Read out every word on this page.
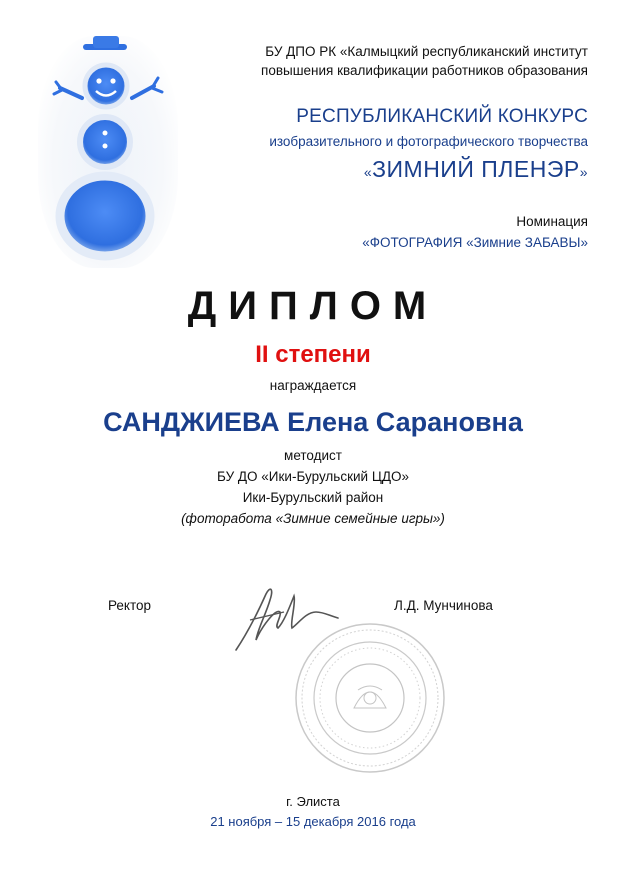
БУ ДПО РК «Калмыцкий республиканский институт
повышения квалификации работников образования
РЕСПУБЛИКАНСКИЙ КОНКУРС
изобразительного и фотографического творчества
«ЗИМНИЙ ПЛЕНЭР»
Номинация
«ФОТОГРАФИЯ «Зимние ЗАБАВЫ»
ДИПЛОМ
II степени
награждается
САНДЖИЕВА Елена Сарановна
методист
БУ ДО «Ики-Бурульский ЦДО»
Ики-Бурульский район
(фоторабота «Зимние семейные игры»)
Ректор	Л.Д. Мунчинова
г. Элиста
21 ноября – 15 декабря 2016 года
